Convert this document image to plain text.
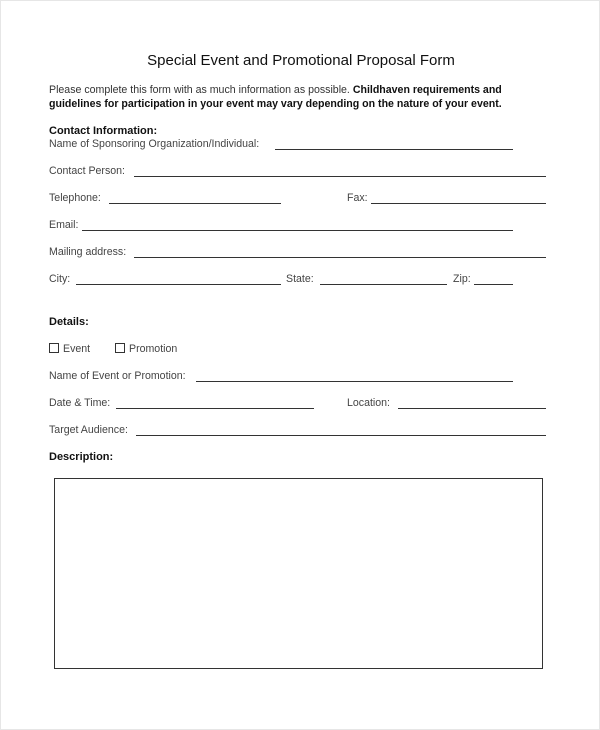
Special Event and Promotional Proposal Form
Please complete this form with as much information as possible. Childhaven requirements and guidelines for participation in your event may vary depending on the nature of your event.
Contact Information:
Name of Sponsoring Organization/Individual:
Contact Person:
Telephone:	Fax:
Email:
Mailing address:
City:	State:	Zip:
Details:
Event	Promotion
Name of Event or Promotion:
Date & Time:	Location:
Target Audience:
Description:
